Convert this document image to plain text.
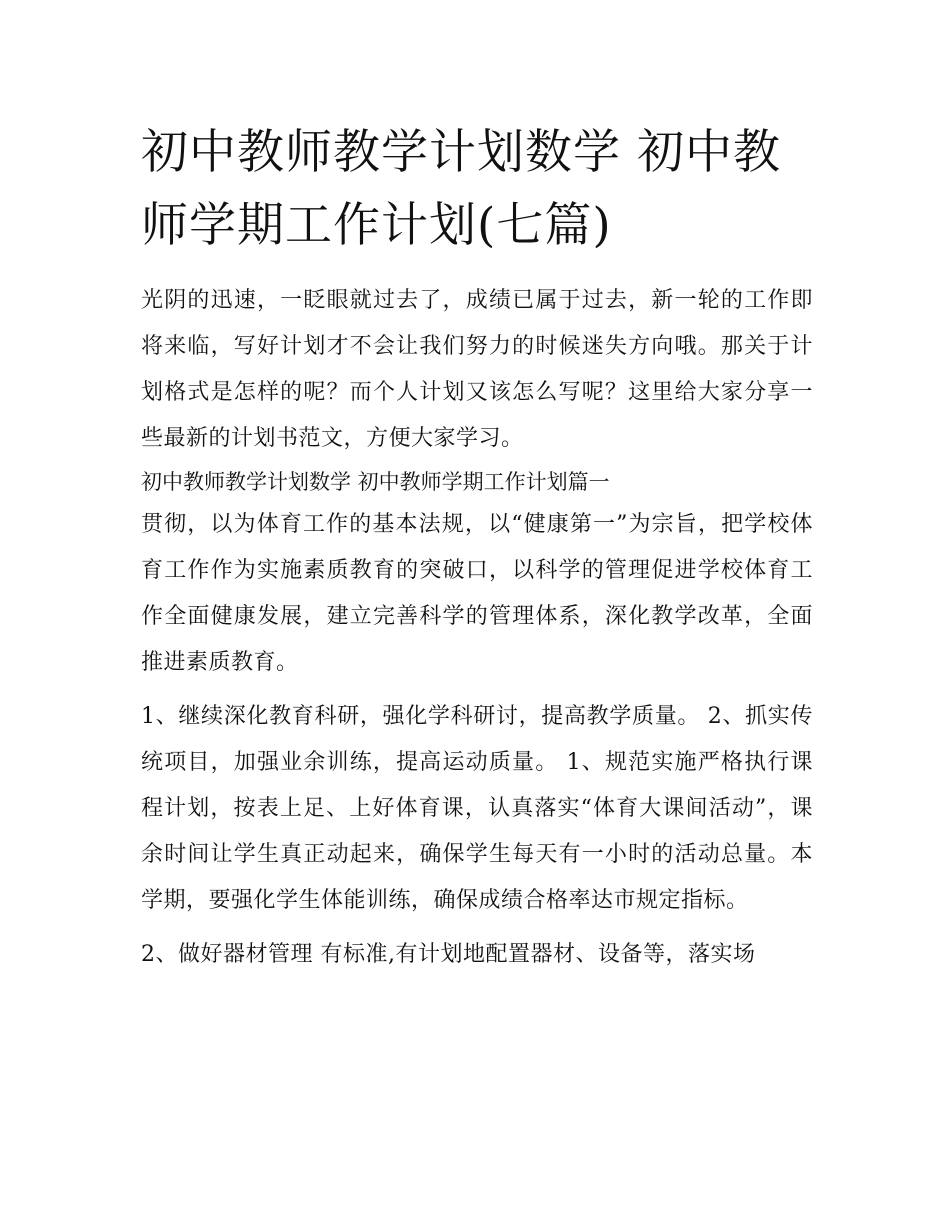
初中教师教学计划数学 初中教师学期工作计划(七篇)

光阴的迅速，一眨眼就过去了，成绩已属于过去，新一轮的工作即将来临，写好计划才不会让我们努力的时候迷失方向哦。那关于计划格式是怎样的呢？而个人计划又该怎么写呢？这里给大家分享一些最新的计划书范文，方便大家学习。

初中教师教学计划数学 初中教师学期工作计划篇一

贯彻，以为体育工作的基本法规，以“健康第一”为宗旨，把学校体育工作作为实施素质教育的突破口，以科学的管理促进学校体育工作全面健康发展，建立完善科学的管理体系，深化教学改革，全面推进素质教育。

1、继续深化教育科研，强化学科研讨，提高教学质量。 2、抓实传统项目，加强业余训练，提高运动质量。 1、规范实施严格执行课程计划，按表上足、上好体育课，认真落实“体育大课间活动”，课余时间让学生真正动起来，确保学生每天有一小时的活动总量。本学期，要强化学生体能训练，确保成绩合格率达市规定指标。

2、做好器材管理 有标准,有计划地配置器材、设备等，落实场
